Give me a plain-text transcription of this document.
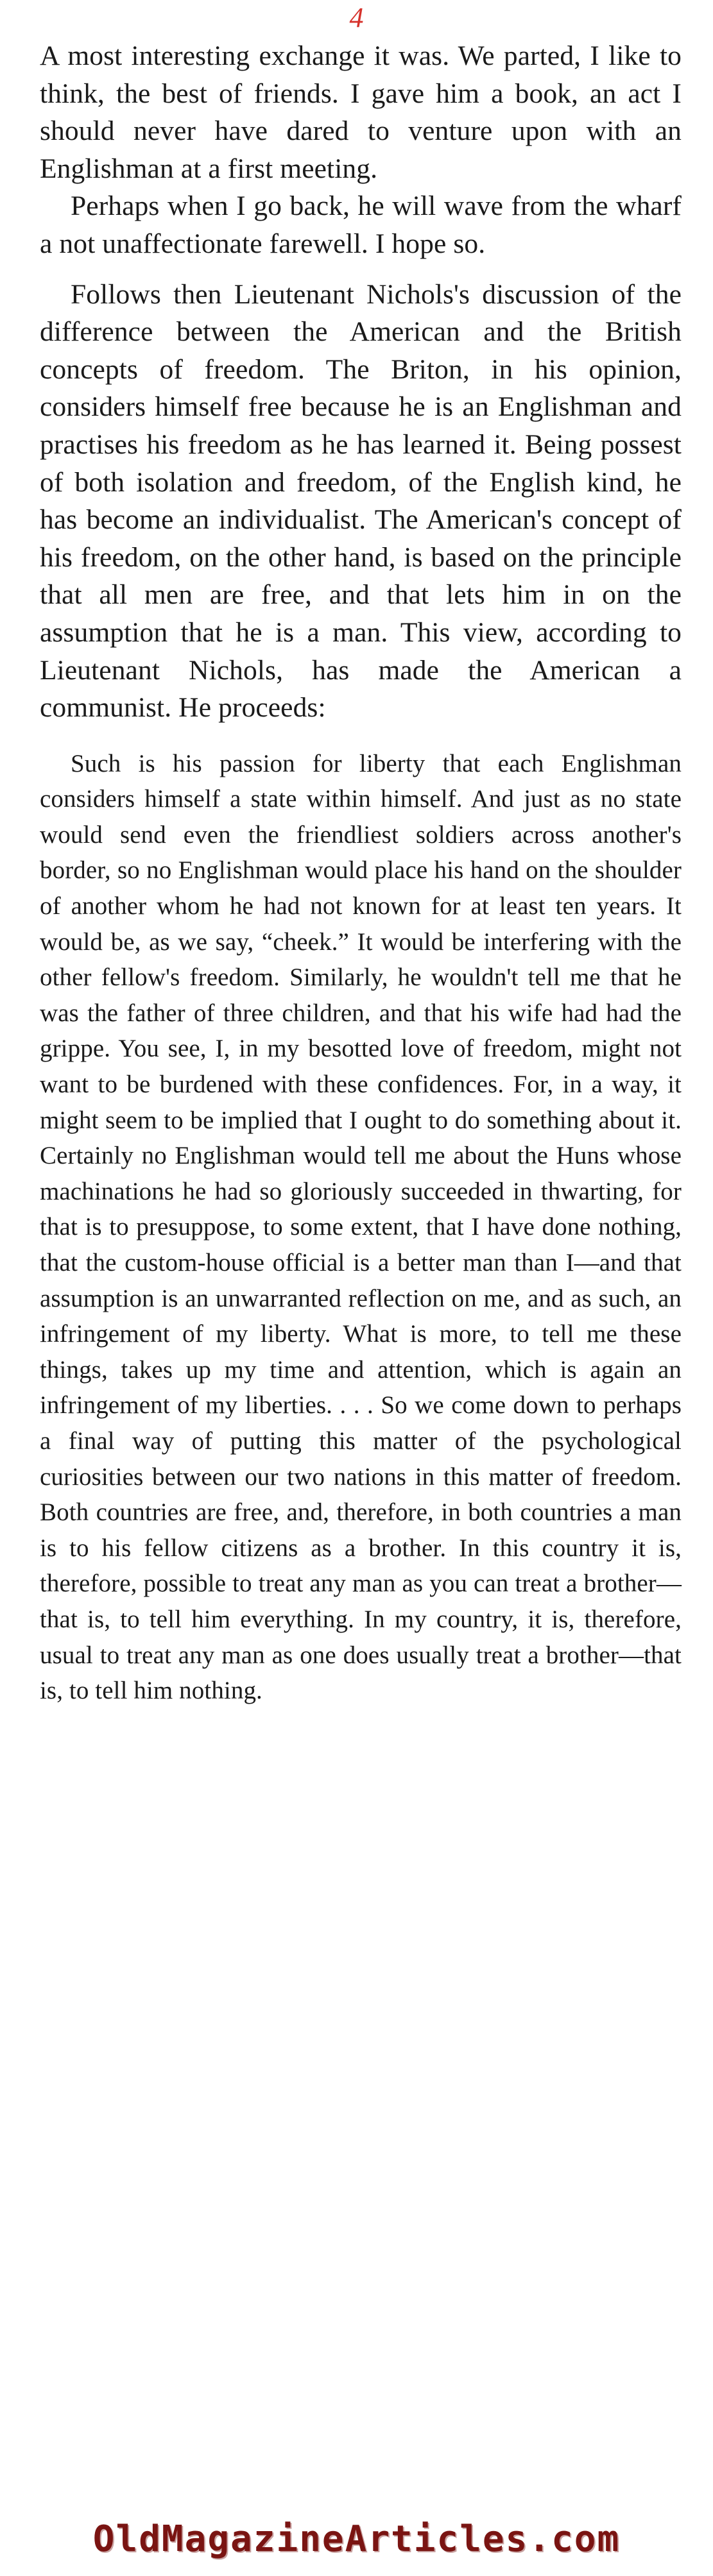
4

A most interesting exchange it was. We parted, I like to think, the best of friends. I gave him a book, an act I should never have dared to venture upon with an Englishman at a first meeting.

Perhaps when I go back, he will wave from the wharf a not unaffectionate farewell. I hope so.

Follows then Lieutenant Nichols's discussion of the difference between the American and the British concepts of freedom. The Briton, in his opinion, considers himself free because he is an Englishman and practises his freedom as he has learned it. Being possest of both isolation and freedom, of the English kind, he has become an individualist. The American's concept of his freedom, on the other hand, is based on the principle that all men are free, and that lets him in on the assumption that he is a man. This view, according to Lieutenant Nichols, has made the American a communist. He proceeds:

Such is his passion for liberty that each Englishman considers himself a state within himself. And just as no state would send even the friendliest soldiers across another's border, so no Englishman would place his hand on the shoulder of another whom he had not known for at least ten years. It would be, as we say, “cheek.” It would be interfering with the other fellow's freedom. Similarly, he wouldn't tell me that he was the father of three children, and that his wife had had the grippe. You see, I, in my besotted love of freedom, might not want to be burdened with these confidences. For, in a way, it might seem to be implied that I ought to do something about it. Certainly no Englishman would tell me about the Huns whose machinations he had so gloriously succeeded in thwarting, for that is to presuppose, to some extent, that I have done nothing, that the custom-house official is a better man than I—and that assumption is an unwarranted reflection on me, and as such, an infringement of my liberty. What is more, to tell me these things, takes up my time and attention, which is again an infringement of my liberties. . . . So we come down to perhaps a final way of putting this matter of the psychological curiosities between our two nations in this matter of freedom. Both countries are free, and, therefore, in both countries a man is to his fellow citizens as a brother. In this country it is, therefore, possible to treat any man as you can treat a brother—that is, to tell him everything. In my country, it is, therefore, usual to treat any man as one does usually treat a brother—that is, to tell him nothing.

OldMagazineArticles.com
